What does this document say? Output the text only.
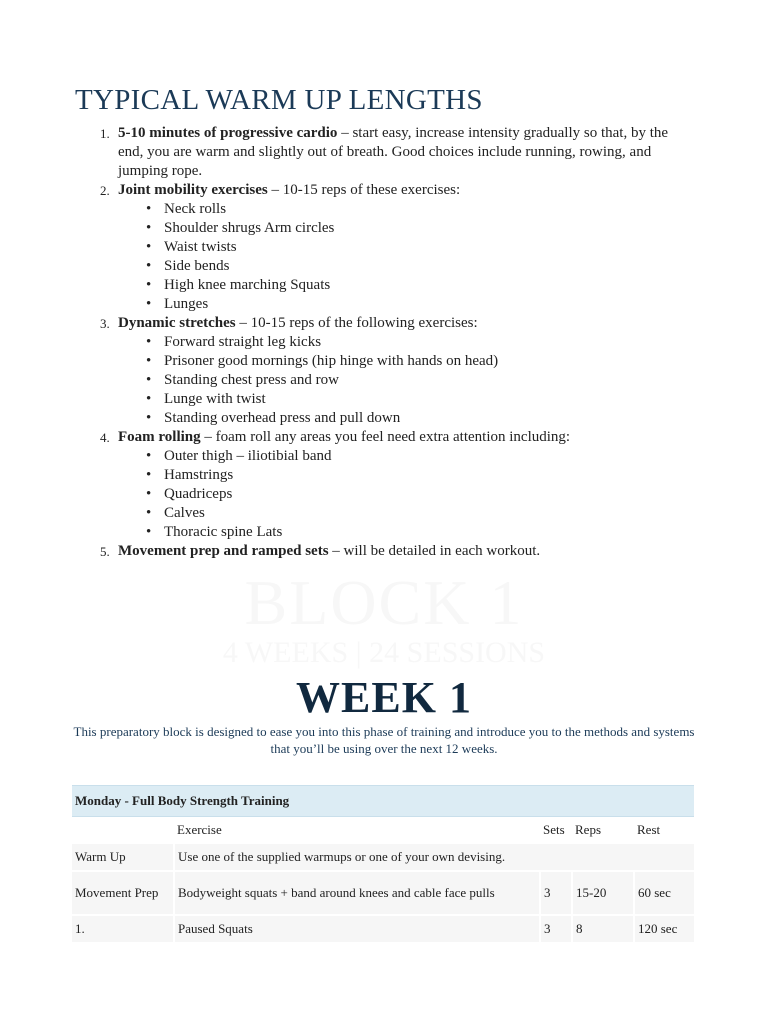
TYPICAL WARM UP LENGTHS
1. 5-10 minutes of progressive cardio – start easy, increase intensity gradually so that, by the end, you are warm and slightly out of breath. Good choices include running, rowing, and jumping rope.
2. Joint mobility exercises – 10-15 reps of these exercises:
• Neck rolls
• Shoulder shrugs Arm circles
• Waist twists
• Side bends
• High knee marching Squats
• Lunges
3. Dynamic stretches – 10-15 reps of the following exercises:
• Forward straight leg kicks
• Prisoner good mornings (hip hinge with hands on head)
• Standing chest press and row
• Lunge with twist
• Standing overhead press and pull down
4. Foam rolling – foam roll any areas you feel need extra attention including:
• Outer thigh – iliotibial band
• Hamstrings
• Quadriceps
• Calves
• Thoracic spine Lats
5. Movement prep and ramped sets – will be detailed in each workout.
BLOCK 1
4 WEEKS | 24 SESSIONS
WEEK 1
This preparatory block is designed to ease you into this phase of training and introduce you to the methods and systems that you’ll be using over the next 12 weeks.
Monday - Full Body Strength Training				
	Exercise	Sets	Reps	Rest
Warm Up	Use one of the supplied warmups or one of your own devising.			
Movement Prep	Bodyweight squats + band around knees and cable face pulls	3	15-20	60 sec
1.	Paused Squats	3	8	120 sec
